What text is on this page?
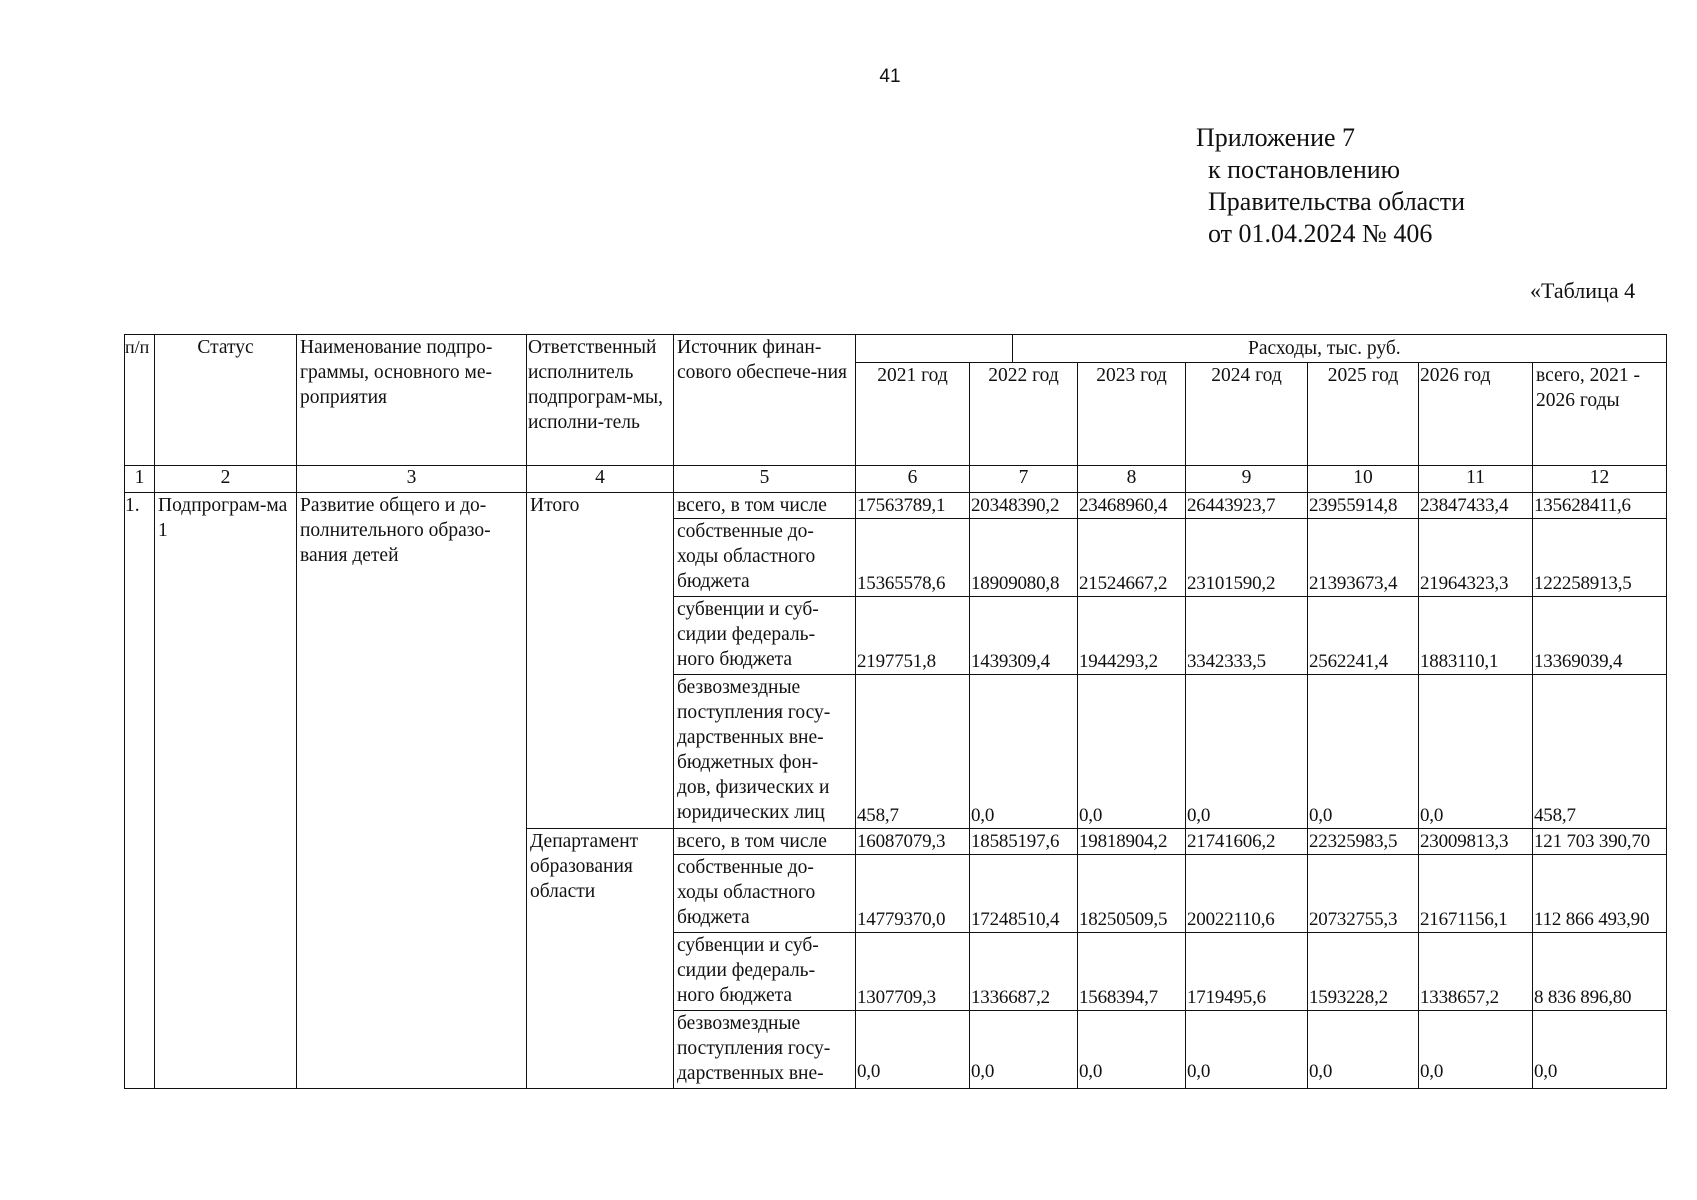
41
Приложение 7
к постановлению
Правительства области
от 01.04.2024 № 406
«Таблица 4
п/п	Статус	Наименование подпро-граммы, основного ме-роприятия	Ответственный исполнитель подпрограм-мы, исполни-тель	Источник финан-сового обеспече-ния	Расходы, тыс. руб.						

					2021 год	2022 год	2023 год	2024 год	2025 год	2026 год	всего, 2021 - 2026 годы
1	2	3	4	5	6	7	8	9	10	11	12
1.	Подпрограм-ма 1	Развитие общего и до-полнительного образо-вания детей	Итого	всего, в том числе	17563789,1	20348390,2	23468960,4	26443923,7	23955914,8	23847433,4	135628411,6
				собственные до-ходы областного бюджета	15365578,6	18909080,8	21524667,2	23101590,2	21393673,4	21964323,3	122258913,5
				субвенции и суб-сидии федераль-ного бюджета	2197751,8	1439309,4	1944293,2	3342333,5	2562241,4	1883110,1	13369039,4
				безвозмездные поступления госу-дарственных вне-бюджетных фон-дов, физических и юридических лиц	458,7	0,0	0,0	0,0	0,0	0,0	458,7
			Департамент образования области	всего, в том числе	16087079,3	18585197,6	19818904,2	21741606,2	22325983,5	23009813,3	121 703 390,70
				собственные до-ходы областного бюджета	14779370,0	17248510,4	18250509,5	20022110,6	20732755,3	21671156,1	112 866 493,90
				субвенции и суб-сидии федераль-ного бюджета	1307709,3	1336687,2	1568394,7	1719495,6	1593228,2	1338657,2	8 836 896,80
				безвозмездные поступления госу-дарственных вне-	0,0	0,0	0,0	0,0	0,0	0,0	0,0
